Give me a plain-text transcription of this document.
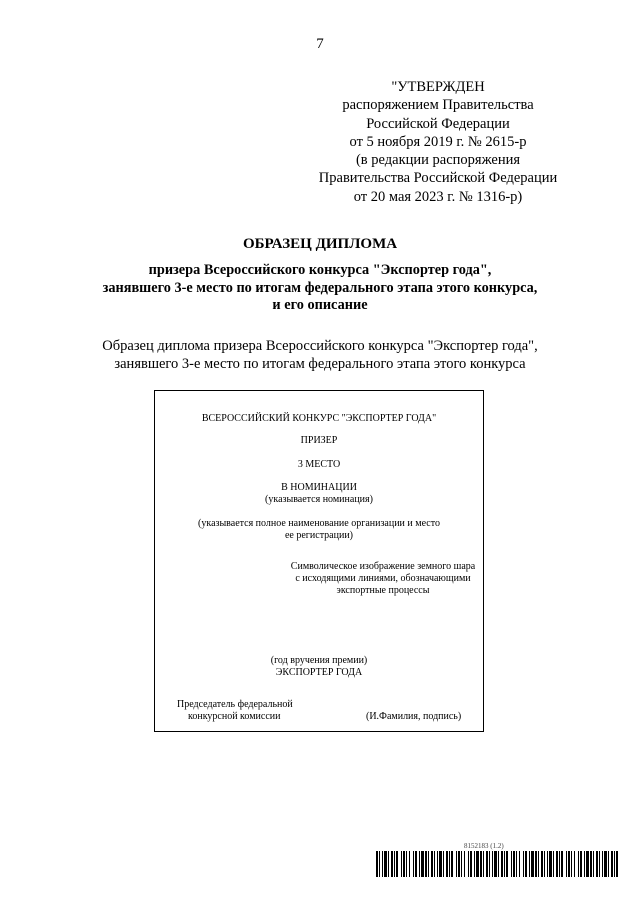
7
"УТВЕРЖДЕН
распоряжением Правительства
Российской Федерации
от 5 ноября 2019 г. № 2615-р
(в редакции распоряжения
Правительства Российской Федерации
от 20 мая 2023 г. № 1316-р)
ОБРАЗЕЦ ДИПЛОМА
призера Всероссийского конкурса "Экспортер года",
занявшего 3-е место по итогам федерального этапа этого конкурса,
и его описание
Образец диплома призера Всероссийского конкурса "Экспортер года",
занявшего 3-е место по итогам федерального этапа этого конкурса
ВСЕРОССИЙСКИЙ КОНКУРС "ЭКСПОРТЕР ГОДА"
ПРИЗЕР
3 МЕСТО
В НОМИНАЦИИ
(указывается номинация)
(указывается полное наименование организации и место
ее регистрации)
Символическое изображение земного шара
с исходящими линиями, обозначающими
экспортные процессы
(год вручения премии)
ЭКСПОРТЕР ГОДА
Председатель федеральной
конкурсной комиссии	(И.Фамилия, подпись)
8152183 (1.2)
